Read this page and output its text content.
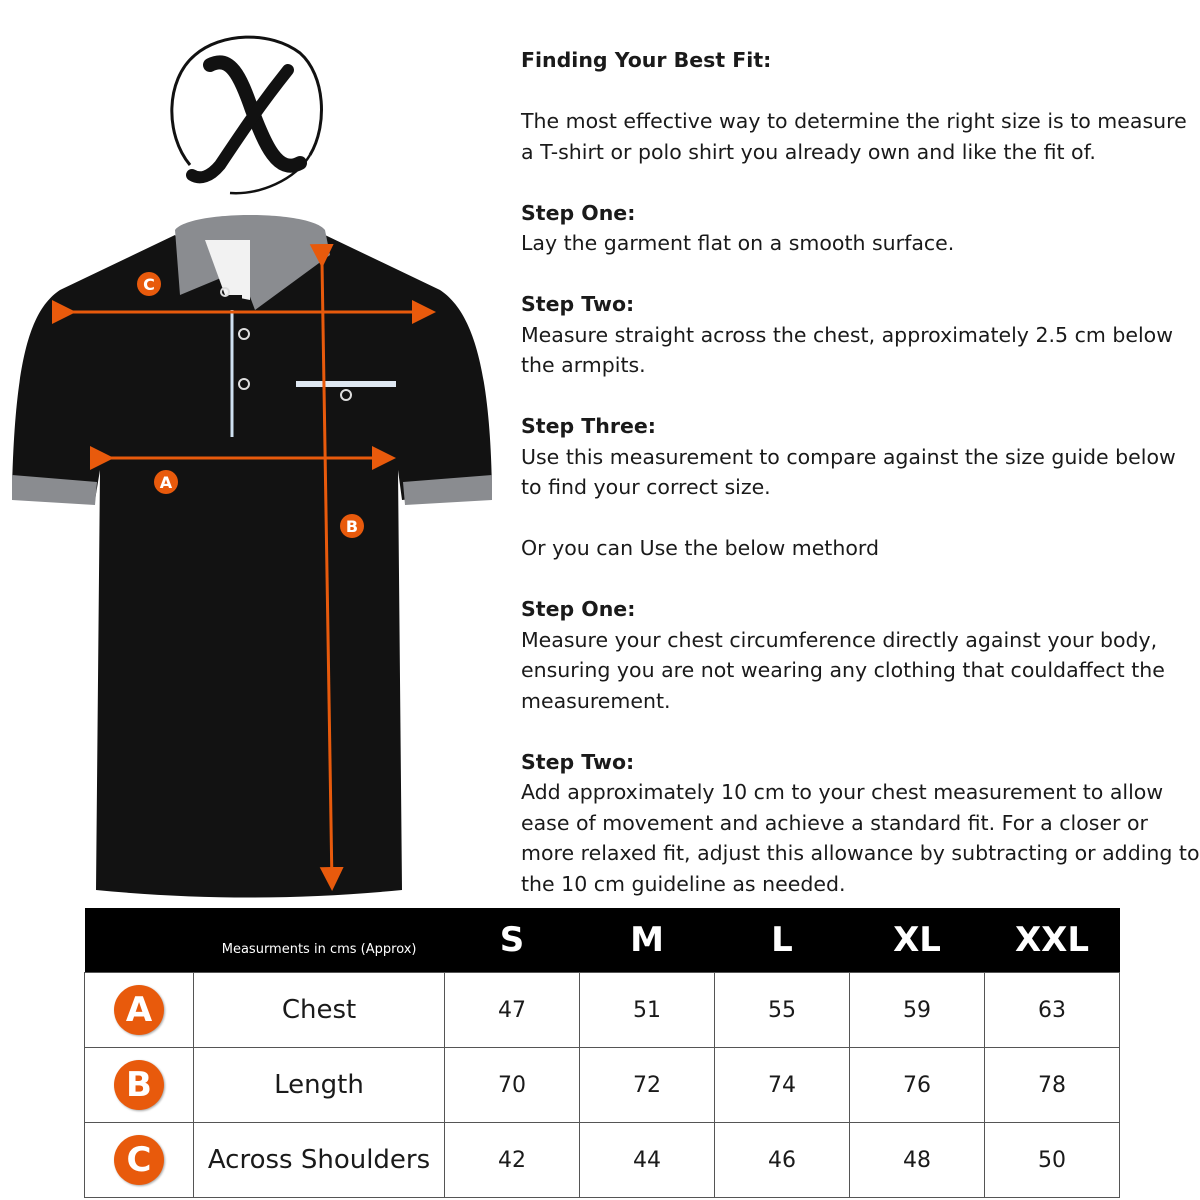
A
B
C

Finding Your Best Fit:

The most effective way to determine the right size is to measure
a T-shirt or polo shirt you already own and like the fit of.

Step One:
Lay the garment flat on a smooth surface.

Step Two:
Measure straight across the chest, approximately 2.5 cm below
the armpits.

Step Three:
Use this measurement to compare against the size guide below
to find your correct size.

Or you can Use the below methord

Step One:
Measure your chest circumference directly against your body,
ensuring you are not wearing any clothing that couldaffect the
measurement.

Step Two:
Add approximately 10 cm to your chest measurement to allow
ease of movement and achieve a standard fit. For a closer or
more relaxed fit, adjust this allowance by subtracting or adding to
the 10 cm guideline as needed.

Measurments in cms (Approx)		S	M	L	XL	XXL
A	Chest	47	51	55	59	63
B	Length	70	72	74	76	78
C	Across Shoulders	42	44	46	48	50
